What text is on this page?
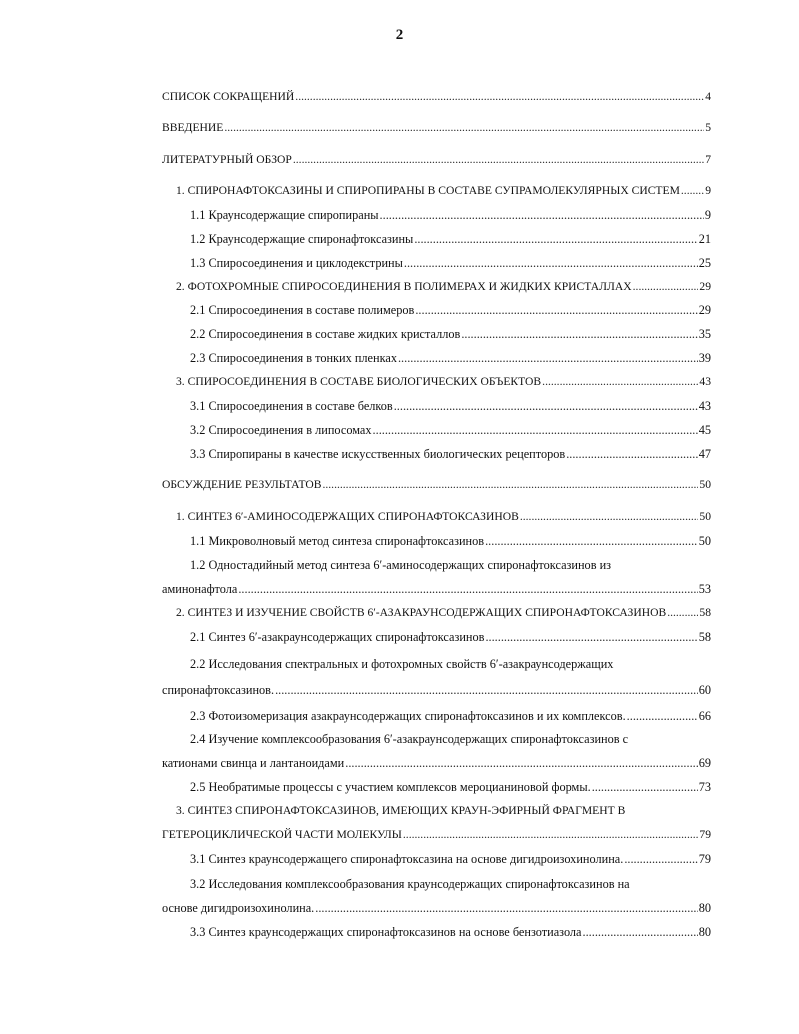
2
СПИСОК СОКРАЩЕНИЙ .....	4
ВВЕДЕНИЕ .....	5
ЛИТЕРАТУРНЫЙ ОБЗОР .....	7
1. СПИРОНАФТОКСАЗИНЫ И СПИРОПИРАНЫ В СОСТАВЕ СУПРАМОЛЕКУЛЯРНЫХ СИСТЕМ ..... 9
1.1 Краунсодержащие спиропираны .....	9
1.2 Краунсодержащие спиронафтоксазины .....	21
1.3 Спиросоединения и циклодекстрины .....	25
2. ФОТОХРОМНЫЕ СПИРОСОЕДИНЕНИЯ В ПОЛИМЕРАХ И ЖИДКИХ КРИСТАЛЛАХ .....	29
2.1 Спиросоединения в составе полимеров .....	29
2.2 Спиросоединения в составе жидких кристаллов .....	35
2.3 Спиросоединения в тонких пленках .....	39
3. СПИРОСОЕДИНЕНИЯ В СОСТАВЕ БИОЛОГИЧЕСКИХ ОБЪЕКТОВ .....	43
3.1 Спиросоединения в составе белков .....	43
3.2 Спиросоединения в липосомах .....	45
3.3 Спиропираны в качестве искусственных биологических рецепторов .....	47
ОБСУЖДЕНИЕ РЕЗУЛЬТАТОВ .....	50
1. СИНТЕЗ 6′-АМИНОСОДЕРЖАЩИХ СПИРОНАФТОКСАЗИНОВ .....	50
1.1 Микроволновый метод синтеза спиронафтоксазинов .....	50
1.2 Одностадийный метод синтеза 6′-аминосодержащих спиронафтоксазинов из
аминонафтола .....	53
2. СИНТЕЗ И ИЗУЧЕНИЕ СВОЙСТВ 6′-АЗАКРАУНСОДЕРЖАЩИХ СПИРОНАФТОКСАЗИНОВ .....	58
2.1 Синтез 6′-азакраунсодержащих спиронафтоксазинов .....	58
2.2 Исследования спектральных и фотохромных свойств 6′-азакраунсодержащих
спиронафтоксазинов. .....	60
2.3 Фотоизомеризация азакраунсодержащих спиронафтоксазинов и их комплексов. .....	66
2.4 Изучение комплексообразования 6′-азакраунсодержащих спиронафтоксазинов с
катионами свинца и лантаноидами .....	69
2.5 Необратимые процессы с участием комплексов мероцианиновой формы. .....	73
3. СИНТЕЗ СПИРОНАФТОКСАЗИНОВ, ИМЕЮЩИХ КРАУН-ЭФИРНЫЙ ФРАГМЕНТ В
ГЕТЕРОЦИКЛИЧЕСКОЙ ЧАСТИ МОЛЕКУЛЫ .....	79
3.1 Синтез краунсодержащего спиронафтоксазина на основе дигидроизохинолина. .....	79
3.2 Исследования комплексообразования краунсодержащих спиронафтоксазинов на
основе дигидроизохинолина. .....	80
3.3 Синтез краунсодержащих спиронафтоксазинов на основе бензотиазола .....	80
